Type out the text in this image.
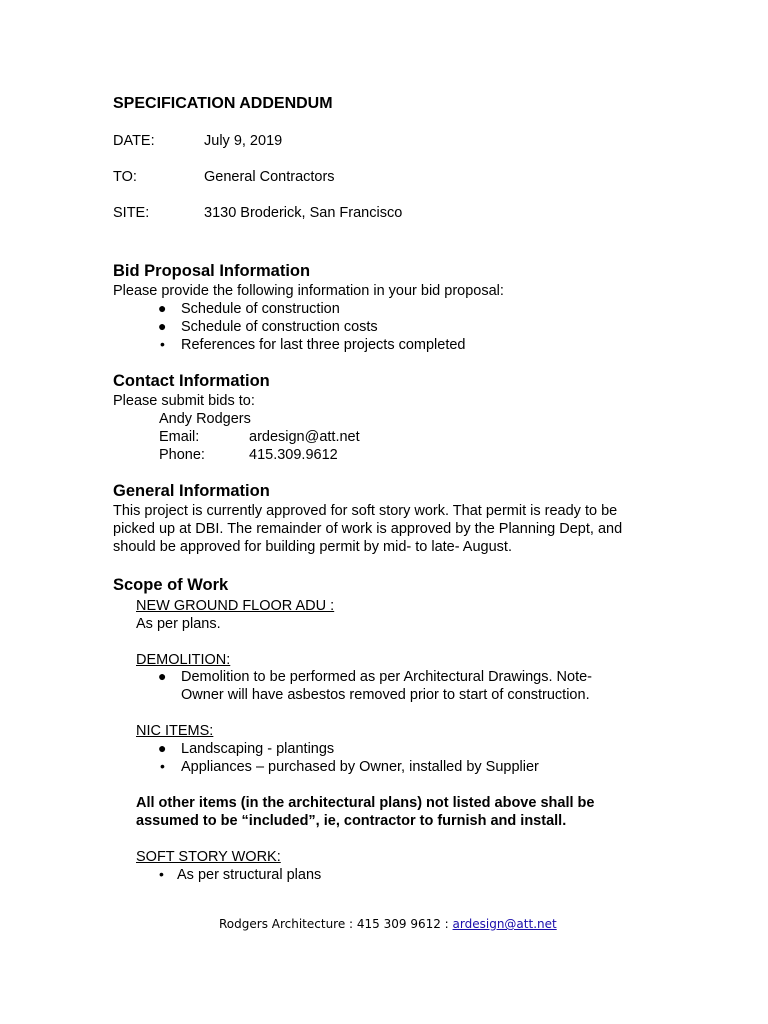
SPECIFICATION ADDENDUM
DATE:	July 9, 2019
TO:	General Contractors
SITE:	3130 Broderick, San Francisco
Bid Proposal Information
Please provide the following information in your bid proposal:
● Schedule of construction
● Schedule of construction costs
• References for last three projects completed
Contact Information
Please submit bids to:
Andy Rodgers
Email:	ardesign@att.net
Phone:	415.309.9612
General Information
This project is currently approved for soft story work. That permit is ready to be
picked up at DBI. The remainder of work is approved by the Planning Dept, and
should be approved for building permit by mid- to late- August.
Scope of Work
NEW GROUND FLOOR ADU :
As per plans.
DEMOLITION:
● Demolition to be performed as per Architectural Drawings. Note-
Owner will have asbestos removed prior to start of construction.
NIC ITEMS:
● Landscaping - plantings
• Appliances – purchased by Owner, installed by Supplier
All other items (in the architectural plans) not listed above shall be
assumed to be “included”, ie, contractor to furnish and install.
SOFT STORY WORK:
• As per structural plans
Rodgers Architecture : 415 309 9612 : ardesign@att.net
